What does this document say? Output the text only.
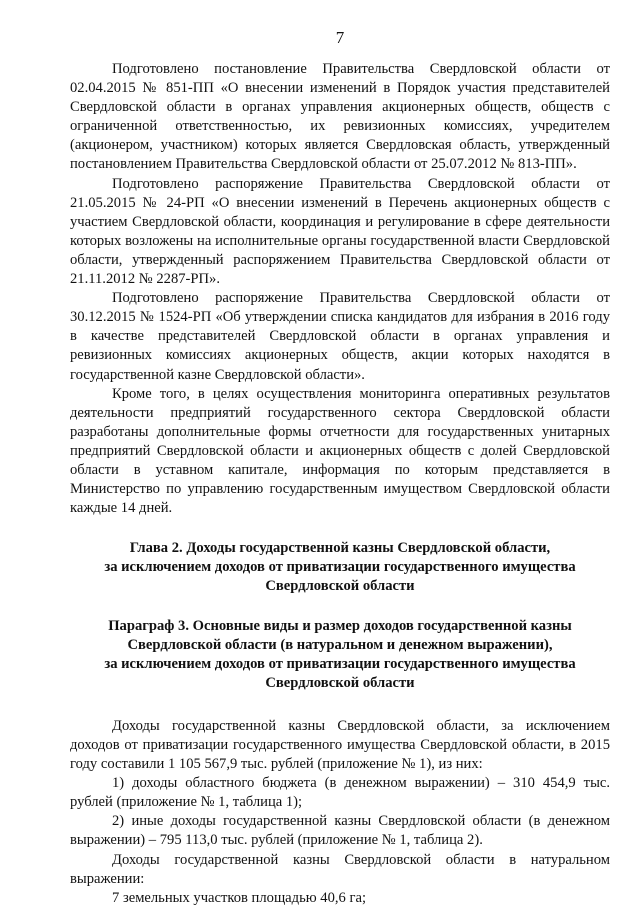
7

Подготовлено постановление Правительства Свердловской области от 02.04.2015 № 851-ПП «О внесении изменений в Порядок участия представителей Свердловской области в органах управления акционерных обществ, обществ с ограниченной ответственностью, их ревизионных комиссиях, учредителем (акционером, участником) которых является Свердловская область, утвержденный постановлением Правительства Свердловской области от 25.07.2012 № 813-ПП».

Подготовлено распоряжение Правительства Свердловской области от 21.05.2015 № 24-РП «О внесении изменений в Перечень акционерных обществ с участием Свердловской области, координация и регулирование в сфере деятельности которых возложены на исполнительные органы государственной власти Свердловской области, утвержденный распоряжением Правительства Свердловской области от 21.11.2012 № 2287-РП».

Подготовлено распоряжение Правительства Свердловской области от 30.12.2015 № 1524-РП «Об утверждении списка кандидатов для избрания в 2016 году в качестве представителей Свердловской области в органах управления и ревизионных комиссиях акционерных обществ, акции которых находятся в государственной казне Свердловской области».

Кроме того, в целях осуществления мониторинга оперативных результатов деятельности предприятий государственного сектора Свердловской области разработаны дополнительные формы отчетности для государственных унитарных предприятий Свердловской области и акционерных обществ с долей Свердловской области в уставном капитале, информация по которым представляется в Министерство по управлению государственным имуществом Свердловской области каждые 14 дней.

Глава 2. Доходы государственной казны Свердловской области,
за исключением доходов от приватизации государственного имущества
Свердловской области
Параграф 3. Основные виды и размер доходов государственной казны
Свердловской области (в натуральном и денежном выражении),
за исключением доходов от приватизации государственного имущества
Свердловской области

Доходы государственной казны Свердловской области, за исключением доходов от приватизации государственного имущества Свердловской области, в 2015 году составили 1 105 567,9 тыс. рублей (приложение № 1), из них:

1) доходы областного бюджета (в денежном выражении) – 310 454,9 тыс. рублей (приложение № 1, таблица 1);

2) иные доходы государственной казны Свердловской области (в денежном выражении) – 795 113,0 тыс. рублей (приложение № 1, таблица 2).

Доходы государственной казны Свердловской области в натуральном выражении:

7 земельных участков площадью 40,6 га;
